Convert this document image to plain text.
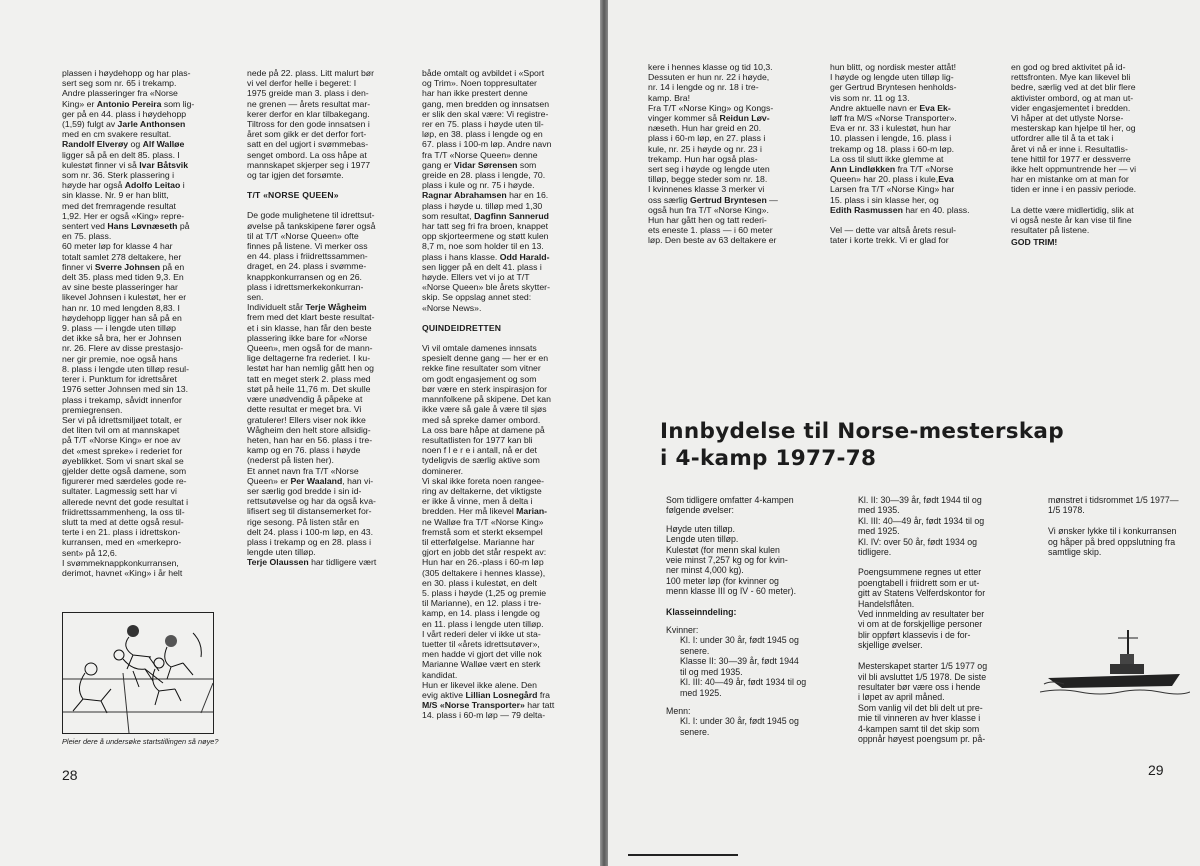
plassen i høydehopp og har plas-

sert seg som nr. 65 i trekamp.

Andre plasseringer fra «Norse

King» er Antonio Pereira som lig-

ger på en 44. plass i høydehopp

(1,59) fulgt av Jarle Anthonsen

med en cm svakere resultat.

Randolf Elverøy og Alf Walløe

ligger så på en delt 85. plass. I

kulestøt finner vi så Ivar Båtsvik

som nr. 36. Sterk plassering i

høyde har også Adolfo Leitao i

sin klasse. Nr. 9 er han blitt,

med det fremragende resultat

1,92. Her er også «King» repre-

sentert ved Hans Løvnæseth på

en 75. plass.

60 meter løp for klasse 4 har

totalt samlet 278 deltakere, her

finner vi Sverre Johnsen på en

delt 35. plass med tiden 9,3. En

av sine beste plasseringer har

likevel Johnsen i kulestøt, her er

han nr. 10 med lengden 8,83. I

høydehopp ligger han så på en

9. plass — i lengde uten tilløp

det ikke så bra, her er Johnsen

nr. 26. Flere av disse prestasjo-

ner gir premie, noe også hans

8. plass i lengde uten tilløp resul-

terer i. Punktum for idrettsåret

1976 setter Johnsen med sin 13.

plass i trekamp, såvidt innenfor

premiegrensen.

Ser vi på idrettsmiljøet totalt, er

det liten tvil om at mannskapet

på T/T «Norse King» er noe av

det «mest spreke» i rederiet for

øyeblikket. Som vi snart skal se

gjelder dette også damene, som

figurerer med særdeles gode re-

sultater. Lagmessig sett har vi

allerede nevnt det gode resultat i

friidrettssammenheng, la oss til-

slutt ta med at dette også resul-

terte i en 21. plass i idrettskon-

kurransen, med en «merkepro-

sent» på 12,6.

I svømmeknappkonkurransen,

derimot, havnet «King» i år helt

nede på 22. plass. Litt malurt bør

vi vel derfor helle i begeret: I

1975 greide man 3. plass i den-

ne grenen — årets resultat mar-

kerer derfor en klar tilbakegang.

Tiltross for den gode innsatsen i

året som gikk er det derfor fort-

satt en del ugjort i svømmebas-

senget ombord. La oss håpe at

mannskapet skjerper seg i 1977

og tar igjen det forsømte.

T/T «NORSE QUEEN»

De gode mulighetene til idrettsut-

øvelse på tankskipene fører også

til at T/T «Norse Queen» ofte

finnes på listene. Vi merker oss

en 44. plass i friidrettssammen-

draget, en 24. plass i svømme-

knappkonkurransen og en 26.

plass i idrettsmerkekonkurran-

sen.

Individuelt står Terje Wågheim

frem med det klart beste resultat-

et i sin klasse, han får den beste

plassering ikke bare for «Norse

Queen», men også for de mann-

lige deltagerne fra rederiet. I ku-

lestøt har han nemlig gått hen og

tatt en meget sterk 2. plass med

støt på heile 11,76 m. Det skulle

være unødvendig å påpeke at

dette resultat er meget bra. Vi

gratulerer! Ellers viser nok ikke

Wågheim den helt store allsidig-

heten, han har en 56. plass i tre-

kamp og en 76. plass i høyde

(nederst på listen her).

Et annet navn fra T/T «Norse

Queen» er Per Waaland, han vi-

ser særlig god bredde i sin id-

rettsutøvelse og har da også kva-

lifisert seg til distansemerket for-

rige sesong. På listen står en

delt 24. plass i 100-m løp, en 43.

plass i trekamp og en 28. plass i

lengde uten tilløp.

Terje Olaussen har tidligere vært

både omtalt og avbildet i «Sport

og Trim». Noen toppresultater

har han ikke prestert denne

gang, men bredden og innsatsen

er slik den skal være: Vi registre-

rer en 75. plass i høyde uten til-

løp, en 38. plass i lengde og en

67. plass i 100-m løp. Andre navn

fra T/T «Norse Queen» denne

gang er Vidar Sørensen som

greide en 28. plass i lengde, 70.

plass i kule og nr. 75 i høyde.

Ragnar Abrahamsen har en 16.

plass i høyde u. tilløp med 1,30

som resultat, Dagfinn Sannerud

har tatt seg fri fra broen, knappet

opp skjorteermene og støtt kulen

8,7 m, noe som holder til en 13.

plass i hans klasse. Odd Harald-

sen ligger på en delt 41. plass i

høyde. Ellers vet vi jo at T/T

«Norse Queen» ble årets skytter-

skip. Se oppslag annet sted:

«Norse News».

QUINDEIDRETTEN

Vi vil omtale damenes innsats

spesielt denne gang — her er en

rekke fine resultater som vitner

om godt engasjement og som

bør være en sterk inspirasjon for

mannfolkene på skipene. Det kan

ikke være så gale å være til sjøs

med så spreke damer ombord.

La oss bare håpe at damene på

resultatlisten for 1977 kan bli

noen f l e r e i antall, nå er det

tydeligvis de særlig aktive som

dominerer.

Vi skal ikke foreta noen rangee-

ring av deltakerne, det viktigste

er ikke å vinne, men å delta i

bredden. Her må likevel Marian-

ne Walløe fra T/T «Norse King»

fremstå som et sterkt eksempel

til etterfølgelse. Marianne har

gjort en jobb det står respekt av:

Hun har en 26.-plass i 60-m løp

(305 deltakere i hennes klasse),

en 30. plass i kulestøt, en delt

5. plass i høyde (1,25 og premie

til Marianne), en 12. plass i tre-

kamp, en 14. plass i lengde og

en 11. plass i lengde uten tilløp.

I vårt rederi deler vi ikke ut sta-

tuetter til «årets idrettsutøver»,

men hadde vi gjort det ville nok

Marianne Walløe vært en sterk

kandidat.

Hun er likevel ikke alene. Den

evig aktive Lillian Losnegård fra

M/S «Norse Transporter» har tatt

14. plass i 60-m løp — 79 delta-

Pleier dere å undersøke startstillingen så nøye?
28

kere i hennes klasse og tid 10,3.

Dessuten er hun nr. 22 i høyde,

nr. 14 i lengde og nr. 18 i tre-

kamp. Bra!

Fra T/T «Norse King» og Kongs-

vinger kommer så Reidun Løv-

næseth. Hun har greid en 20.

plass i 60-m løp, en 27. plass i

kule, nr. 25 i høyde og nr. 23 i

trekamp. Hun har også plas-

sert seg i høyde og lengde uten

tilløp, begge steder som nr. 18.

I kvinnenes klasse 3 merker vi

oss særlig Gertrud Bryntesen —

også hun fra T/T «Norse King».

Hun har gått hen og tatt rederi-

ets eneste 1. plass — i 60 meter

løp. Den beste av 63 deltakere er

hun blitt, og nordisk mester attåt!

I høyde og lengde uten tilløp lig-

ger Gertrud Bryntesen henholds-

vis som nr. 11 og 13.

Andre aktuelle navn er Eva Ek-

løff fra M/S «Norse Transporter».

Eva er nr. 33 i kulestøt, hun har

10. plassen i lengde, 16. plass i

trekamp og 18. plass i 60-m løp.

La oss til slutt ikke glemme at

Ann Lindløkken fra T/T «Norse

Queen» har 20. plass i kule,Eva

Larsen fra T/T «Norse King» har

15. plass i sin klasse her, og

Edith Rasmussen har en 40. plass.

Vel — dette var altså årets resul-

tater i korte trekk. Vi er glad for

en god og bred aktivitet på id-

rettsfronten. Mye kan likevel bli

bedre, særlig ved at det blir flere

aktivister ombord, og at man ut-

vider engasjementet i bredden.

Vi håper at det utlyste Norse-

mesterskap kan hjelpe til her, og

utfordrer alle til å ta et tak i

året vi nå er inne i. Resultatlis-

tene hittil for 1977 er dessverre

ikke helt oppmuntrende her — vi

har en mistanke om at man for

tiden er inne i en passiv periode.

La dette være midlertidig, slik at

vi også neste år kan vise til fine

resultater på listene.

GOD TRIM!

Innbydelse til Norse-mesterskap
i 4-kamp 1977-78

Som tidligere omfatter 4-kampen

følgende øvelser:

Høyde uten tilløp.

Lengde uten tilløp.

Kulestøt (for menn skal kulen

veie minst 7,257 kg og for kvin-

ner minst 4,000 kg).

100 meter løp (for kvinner og

menn klasse III og IV - 60 meter).

Klasseinndeling:

Kvinner:

Kl. I: under 30 år, født 1945 og

senere.

Klasse II: 30—39 år, født 1944

til og med 1935.

Kl. III: 40—49 år, født 1934 til og

med 1925.

Menn:

Kl. I: under 30 år, født 1945 og

senere.

Kl. II: 30—39 år, født 1944 til og

med 1935.

Kl. III: 40—49 år, født 1934 til og

med 1925.

Kl. IV: over 50 år, født 1934 og

tidligere.

Poengsummene regnes ut etter

poengtabell i friidrett som er ut-

gitt av Statens Velferdskontor for

Handelsflåten.

Ved innmelding av resultater ber

vi om at de forskjellige personer

blir oppført klassevis i de for-

skjellige øvelser.

Mesterskapet starter 1/5 1977 og

vil bli avsluttet 1/5 1978. De siste

resultater bør være oss i hende

i løpet av april måned.

Som vanlig vil det bli delt ut pre-

mie til vinneren av hver klasse i

4-kampen samt til det skip som

oppnår høyest poengsum pr. på-

mønstret i tidsrommet 1/5 1977—

1/5 1978.

Vi ønsker lykke til i konkurransen

og håper på bred oppslutning fra

samtlige skip.

29
